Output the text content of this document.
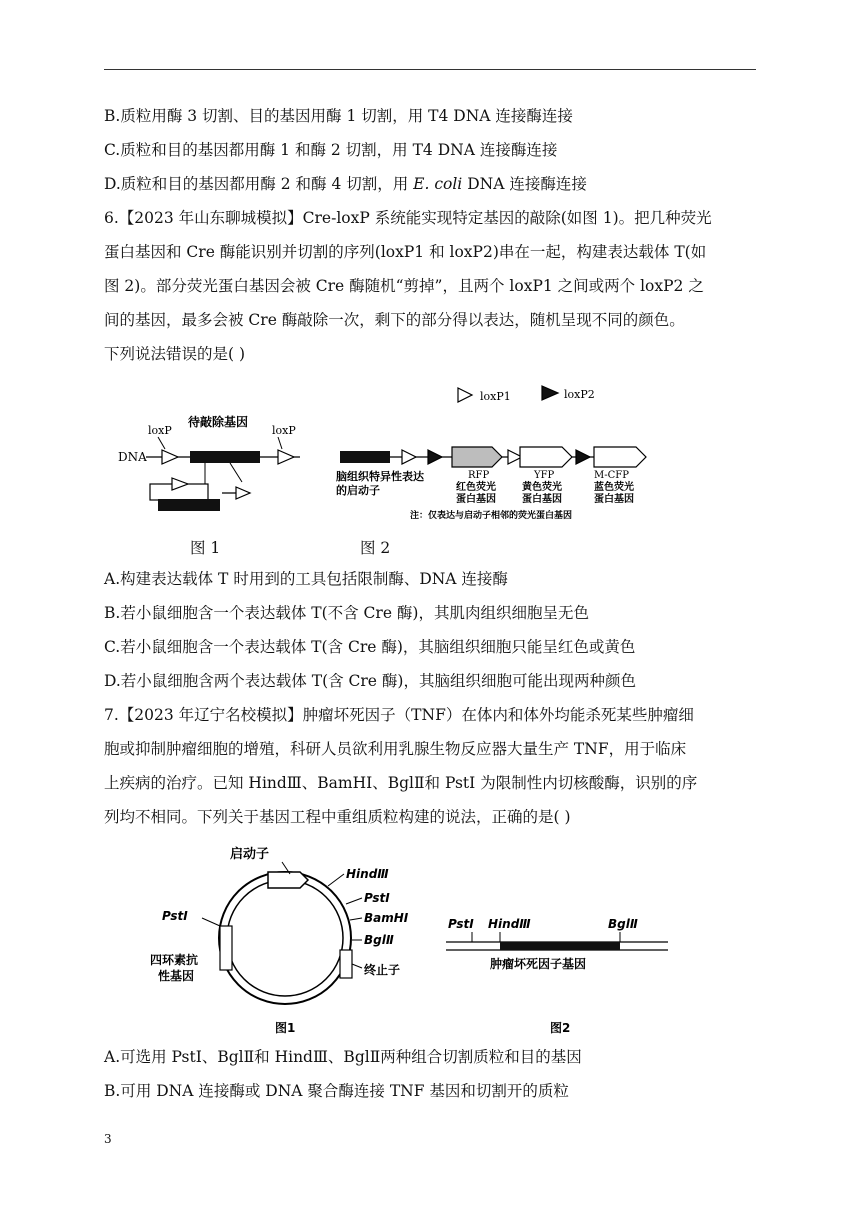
B.质粒用酶 3 切割、目的基因用酶 1 切割，用 T4 DNA 连接酶连接
C.质粒和目的基因都用酶 1 和酶 2 切割，用 T4 DNA 连接酶连接
D.质粒和目的基因都用酶 2 和酶 4 切割，用 E. coli DNA 连接酶连接
6.【2023 年山东聊城模拟】Cre-loxP 系统能实现特定基因的敲除(如图 1)。把几种荧光
蛋白基因和 Cre 酶能识别并切割的序列(loxP1 和 loxP2)串在一起，构建表达载体 T(如
图 2)。部分荧光蛋白基因会被 Cre 酶随机“剪掉”，且两个 loxP1 之间或两个 loxP2 之
间的基因，最多会被 Cre 酶敲除一次，剩下的部分得以表达，随机呈现不同的颜色。
下列说法错误的是( )
待敲除基因
loxP	loxP
DNA
loxP1	loxP2
脑组织特异性表达
的启动子
RFP
红色荧光
蛋白基因
YFP
黄色荧光
蛋白基因
M-CFP
蓝色荧光
蛋白基因
注：仅表达与启动子相邻的荧光蛋白基因
图 1	图 2
A.构建表达载体 T 时用到的工具包括限制酶、DNA 连接酶
B.若小鼠细胞含一个表达载体 T(不含 Cre 酶)，其肌肉组织细胞呈无色
C.若小鼠细胞含一个表达载体 T(含 Cre 酶)，其脑组织细胞只能呈红色或黄色
D.若小鼠细胞含两个表达载体 T(含 Cre 酶)，其脑组织细胞可能出现两种颜色
7.【2023 年辽宁名校模拟】肿瘤坏死因子（TNF）在体内和体外均能杀死某些肿瘤细
胞或抑制肿瘤细胞的增殖，科研人员欲利用乳腺生物反应器大量生产 TNF，用于临床
上疾病的治疗。已知 HindⅢ、BamHⅠ、BglⅡ和 PstI 为限制性内切核酸酶，识别的序
列均不相同。下列关于基因工程中重组质粒构建的说法，正确的是( )
启动子
HindⅢ
PstⅠ
BamHⅠ
BglⅡ
PstⅠ
四环素抗
性基因	终止子
PstⅠ HindⅢ	BglⅡ
肿瘤坏死因子基因
图1	图2
A.可选用 PstⅠ、BglⅡ和 HindⅢ、BglⅡ两种组合切割质粒和目的基因
B.可用 DNA 连接酶或 DNA 聚合酶连接 TNF 基因和切割开的质粒
3
